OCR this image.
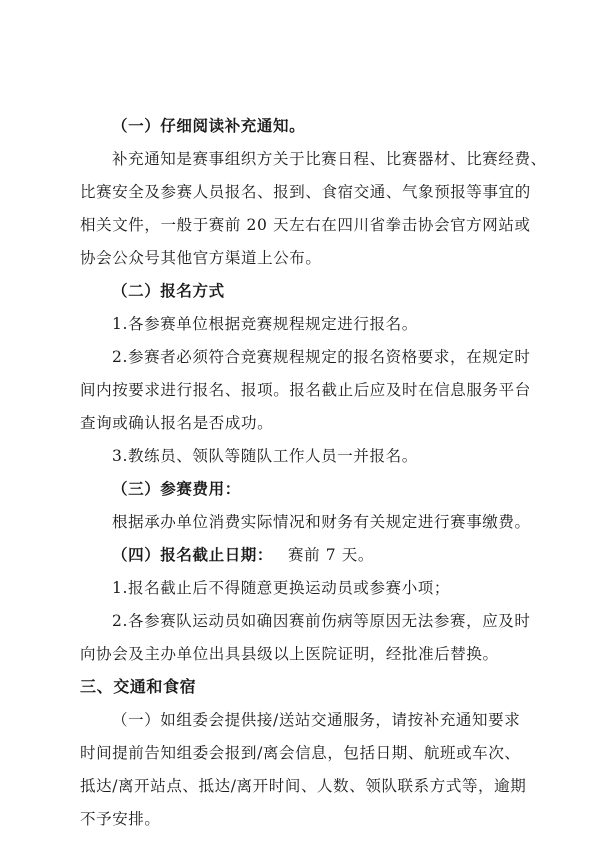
（一）仔细阅读补充通知。
补充通知是赛事组织方关于比赛日程、比赛器材、比赛经费、
比赛安全及参赛人员报名、报到、食宿交通、气象预报等事宜的
相关文件，一般于赛前 20 天左右在四川省拳击协会官方网站或
协会公众号其他官方渠道上公布。
（二）报名方式
1.各参赛单位根据竞赛规程规定进行报名。
2.参赛者必须符合竞赛规程规定的报名资格要求，在规定时
间内按要求进行报名、报项。报名截止后应及时在信息服务平台
查询或确认报名是否成功。
3.教练员、领队等随队工作人员一并报名。
（三）参赛费用：
根据承办单位消费实际情况和财务有关规定进行赛事缴费。
（四）报名截止日期： 赛前 7 天。
1.报名截止后不得随意更换运动员或参赛小项；
2.各参赛队运动员如确因赛前伤病等原因无法参赛，应及时
向协会及主办单位出具县级以上医院证明，经批准后替换。
三、交通和食宿
（一）如组委会提供接/送站交通服务，请按补充通知要求
时间提前告知组委会报到/离会信息，包括日期、航班或车次、
抵达/离开站点、抵达/离开时间、人数、领队联系方式等，逾期
不予安排。
